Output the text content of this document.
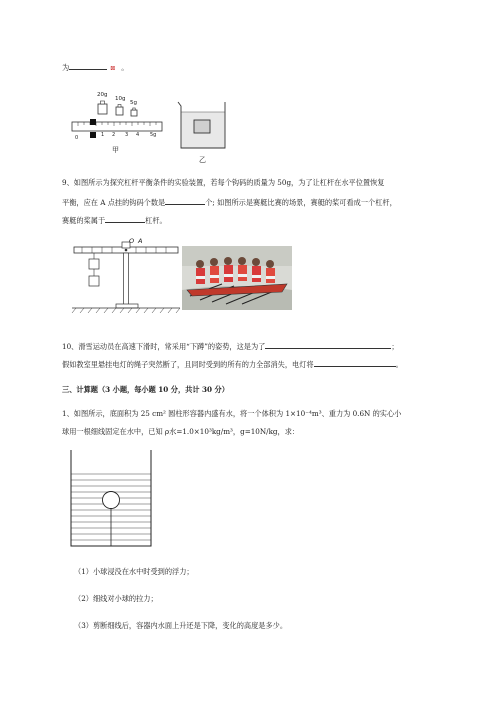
为	⊠ 。
20g
10g
5g
0	1 2 3 4 5g
甲
乙
9、如图所示为探究杠杆平衡条件的实验装置，若每个钩码的质量为 50g，为了让杠杆在水平位置恢复
平衡，应在 A 点挂的钩码个数是	个; 如图所示是赛艇比赛的场景，赛艇的桨可看成一个杠杆，
赛艇的桨属于	杠杆。
O A
10、滑雪运动员在高速下滑时，常采用“下蹲”的姿势，这是为了	；
假如教室里悬挂电灯的绳子突然断了，且同时受到的所有的力全部消失，电灯将	。
三、计算题（3 小题，每小题 10 分，共计 30 分）
1、如图所示，底面积为 25 cm² 圆柱形容器内盛有水，将一个体积为 1×10⁻⁴m³、重力为 0.6N 的实心小
球用一根细线固定在水中，已知 ρ水=1.0×10³kg/m³，g=10N/kg，求：
（1）小球浸没在水中时受到的浮力；
（2）细线对小球的拉力；
（3）剪断细线后，容器内水面上升还是下降，变化的高度是多少。
